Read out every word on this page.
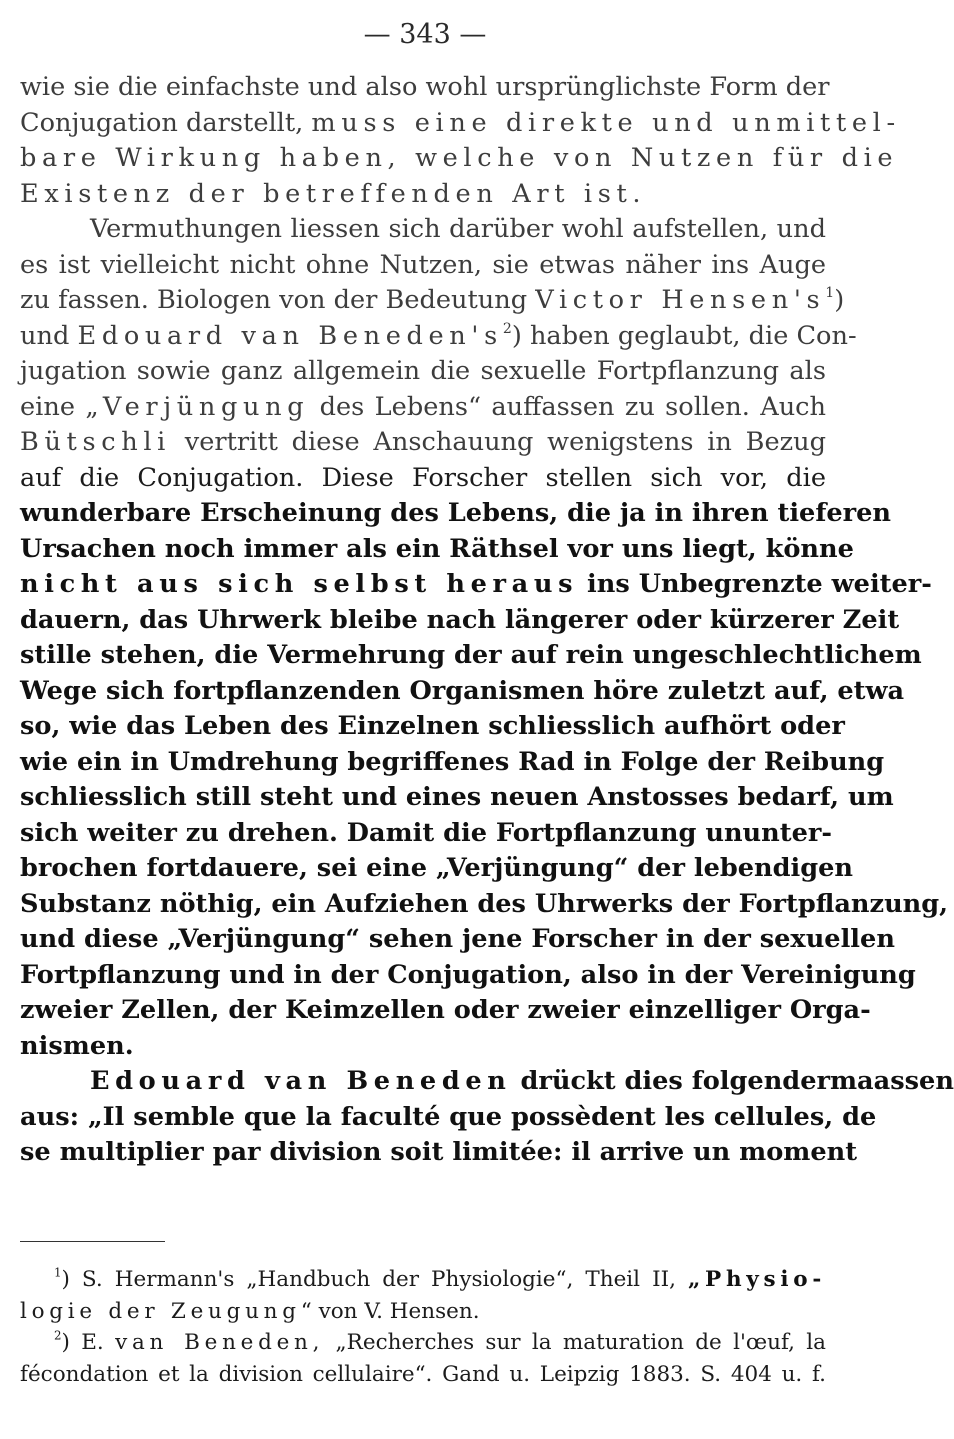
— 343 —
wie sie die einfachste und also wohl ursprünglichste Form der
Conjugation darstellt, muss eine direkte und unmittel-
bare Wirkung haben, welche von Nutzen für die
Existenz der betreffenden Art ist.
Vermuthungen liessen sich darüber wohl aufstellen, und
es ist vielleicht nicht ohne Nutzen, sie etwas näher ins Auge
zu fassen. Biologen von der Bedeutung Victor $Hensen's^1$)
und Edouard van $Beneden's^2$) haben geglaubt, die Con-
jugation sowie ganz allgemein die sexuelle Fortpflanzung als
eine „Verjüngung des Lebens“ auffassen zu sollen. Auch
Bütschli vertritt diese Anschauung wenigstens in Bezug
auf die Conjugation. Diese Forscher stellen sich vor, die
wunderbare Erscheinung des Lebens, die ja in ihren tieferen
Ursachen noch immer als ein Räthsel vor uns liegt, könne
nicht aus sich selbst heraus ins Unbegrenzte weiter-
dauern, das Uhrwerk bleibe nach längerer oder kürzerer Zeit
stille stehen, die Vermehrung der auf rein ungeschlechtlichem
Wege sich fortpflanzenden Organismen höre zuletzt auf, etwa
so, wie das Leben des Einzelnen schliesslich aufhört oder
wie ein in Umdrehung begriffenes Rad in Folge der Reibung
schliesslich still steht und eines neuen Anstosses bedarf, um
sich weiter zu drehen. Damit die Fortpflanzung ununter-
brochen fortdauere, sei eine „Verjüngung“ der lebendigen
Substanz nöthig, ein Aufziehen des Uhrwerks der Fortpflanzung,
und diese „Verjüngung“ sehen jene Forscher in der sexuellen
Fortpflanzung und in der Conjugation, also in der Vereinigung
zweier Zellen, der Keimzellen oder zweier einzelliger Orga-
nismen.
Edouard van Beneden drückt dies folgendermaassen
aus: „Il semble que la faculté que possèdent les cellules, de
se multiplier par division soit limitée: il arrive un moment
$^1$) S. Hermann's „Handbuch der Physiologie“, Theil II, „Physio-
logie der Zeugung“ von V. Hensen.
$^2$) E. van Beneden, „Recherches sur la maturation de l'œuf, la
fécondation et la division cellulaire“. Gand u. Leipzig 1883. S. 404 u. f.
